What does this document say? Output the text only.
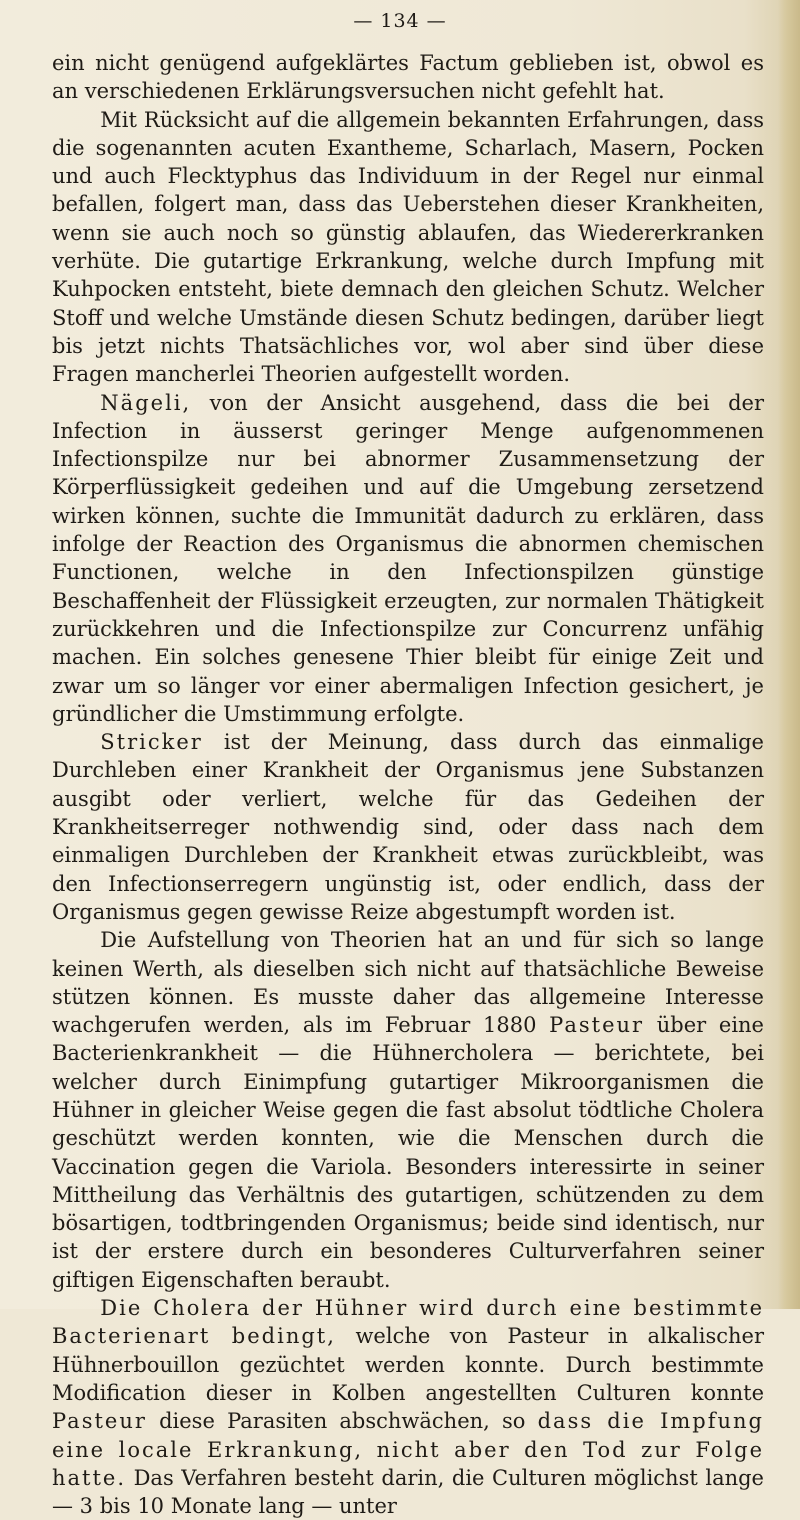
— 134 —

ein nicht genügend aufgeklärtes Factum geblieben ist, obwol es an verschiedenen Erklärungsversuchen nicht gefehlt hat.

Mit Rücksicht auf die allgemein bekannten Erfahrungen, dass die sogenannten acuten Exantheme, Scharlach, Masern, Pocken und auch Flecktyphus das Individuum in der Regel nur einmal befallen, folgert man, dass das Ueberstehen dieser Krankheiten, wenn sie auch noch so günstig ablaufen, das Wiedererkranken verhüte. Die gutartige Erkrankung, welche durch Impfung mit Kuhpocken entsteht, biete demnach den gleichen Schutz. Welcher Stoff und welche Umstände diesen Schutz bedingen, darüber liegt bis jetzt nichts Thatsächliches vor, wol aber sind über diese Fragen mancherlei Theorien aufgestellt worden.

Nägeli, von der Ansicht ausgehend, dass die bei der Infection in äusserst geringer Menge aufgenommenen Infectionspilze nur bei abnormer Zusammensetzung der Körperflüssigkeit gedeihen und auf die Umgebung zersetzend wirken können, suchte die Immunität dadurch zu erklären, dass infolge der Reaction des Organismus die abnormen chemischen Functionen, welche in den Infectionspilzen günstige Beschaffenheit der Flüssigkeit erzeugten, zur normalen Thätigkeit zurückkehren und die Infectionspilze zur Concurrenz unfähig machen. Ein solches genesene Thier bleibt für einige Zeit und zwar um so länger vor einer abermaligen Infection gesichert, je gründlicher die Umstimmung erfolgte.

Stricker ist der Meinung, dass durch das einmalige Durchleben einer Krankheit der Organismus jene Substanzen ausgibt oder verliert, welche für das Gedeihen der Krankheitserreger nothwendig sind, oder dass nach dem einmaligen Durchleben der Krankheit etwas zurückbleibt, was den Infectionserregern ungünstig ist, oder endlich, dass der Organismus gegen gewisse Reize abgestumpft worden ist.

Die Aufstellung von Theorien hat an und für sich so lange keinen Werth, als dieselben sich nicht auf thatsächliche Beweise stützen können. Es musste daher das allgemeine Interesse wachgerufen werden, als im Februar 1880 Pasteur über eine Bacterienkrankheit — die Hühnercholera — berichtete, bei welcher durch Einimpfung gutartiger Mikroorganismen die Hühner in gleicher Weise gegen die fast absolut tödtliche Cholera geschützt werden konnten, wie die Menschen durch die Vaccination gegen die Variola. Besonders interessirte in seiner Mittheilung das Verhältnis des gutartigen, schützenden zu dem bösartigen, todtbringenden Organismus; beide sind identisch, nur ist der erstere durch ein besonderes Culturverfahren seiner giftigen Eigenschaften beraubt.

Die Cholera der Hühner wird durch eine bestimmte Bacterienart bedingt, welche von Pasteur in alkalischer Hühnerbouillon gezüchtet werden konnte. Durch bestimmte Modification dieser in Kolben angestellten Culturen konnte Pasteur diese Parasiten abschwächen, so dass die Impfung eine locale Erkrankung, nicht aber den Tod zur Folge hatte. Das Verfahren besteht darin, die Culturen möglichst lange — 3 bis 10 Monate lang — unter
